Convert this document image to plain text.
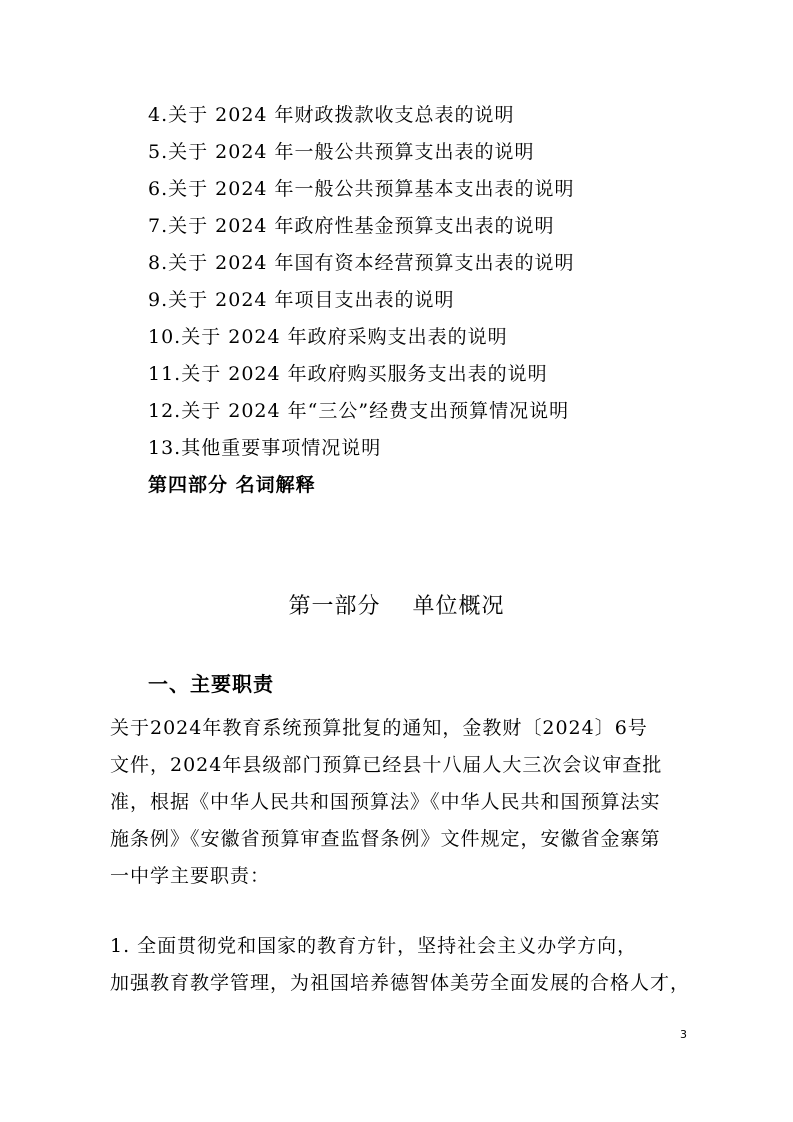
4.关于 2024 年财政拨款收支总表的说明
5.关于 2024 年一般公共预算支出表的说明
6.关于 2024 年一般公共预算基本支出表的说明
7.关于 2024 年政府性基金预算支出表的说明
8.关于 2024 年国有资本经营预算支出表的说明
9.关于 2024 年项目支出表的说明
10.关于 2024 年政府采购支出表的说明
11.关于 2024 年政府购买服务支出表的说明
12.关于 2024 年“三公”经费支出预算情况说明
13.其他重要事项情况说明
第四部分 名词解释
第一部分    单位概况
一、主要职责
关于2024年教育系统预算批复的通知，金教财〔2024〕6号
文件，2024年县级部门预算已经县十八届人大三次会议审查批
准，根据《中华人民共和国预算法》《中华人民共和国预算法实
施条例》《安徽省预算审查监督条例》文件规定，安徽省金寨第
一中学主要职责：
1. 全面贯彻党和国家的教育方针，坚持社会主义办学方向，
加强教育教学管理，为祖国培养德智体美劳全面发展的合格人才，
3
